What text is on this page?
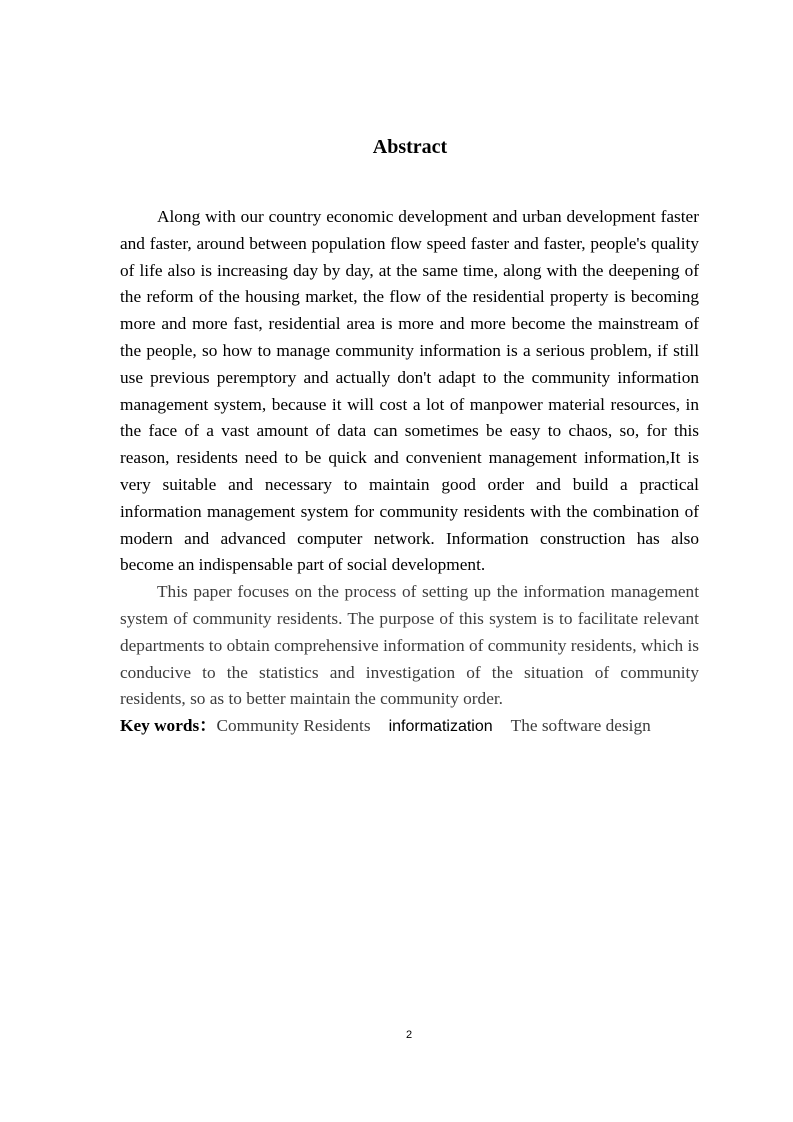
Abstract

Along with our country economic development and urban development faster and faster, around between population flow speed faster and faster, people's quality of life also is increasing day by day, at the same time, along with the deepening of the reform of the housing market, the flow of the residential property is becoming more and more fast, residential area is more and more become the mainstream of the people, so how to manage community information is a serious problem, if still use previous peremptory and actually don't adapt to the community information management system, because it will cost a lot of manpower material resources, in the face of a vast amount of data can sometimes be easy to chaos, so, for this reason, residents need to be quick and convenient management information,It is very suitable and necessary to maintain good order and build a practical information management system for community residents with the combination of modern and advanced computer network. Information construction has also become an indispensable part of social development.

This paper focuses on the process of setting up the information management system of community residents. The purpose of this system is to facilitate relevant departments to obtain comprehensive information of community residents, which is conducive to the statistics and investigation of the situation of community residents, so as to better maintain the community order.

Key words：Community Residents informatization The software design

2
